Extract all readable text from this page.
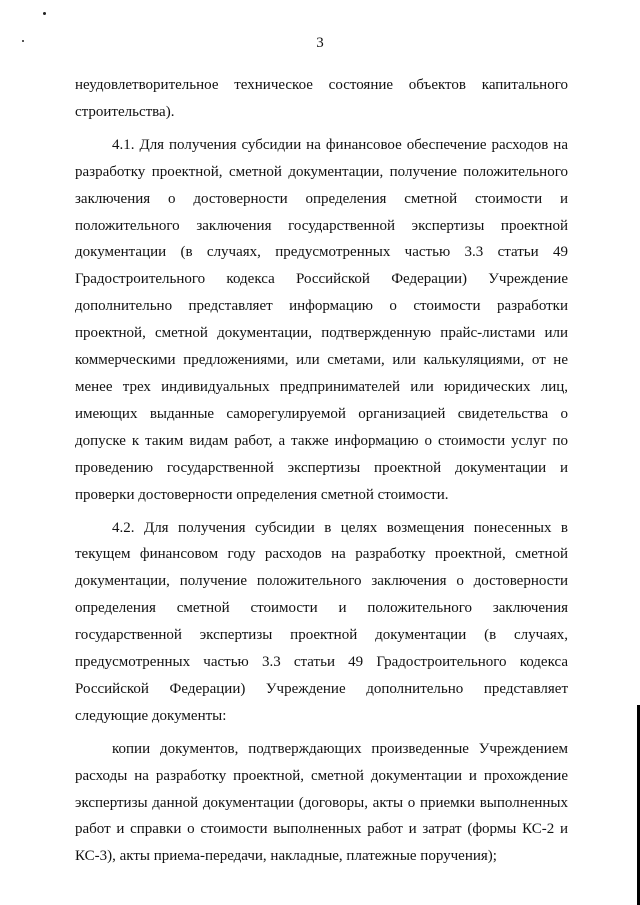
3

неудовлетворительное техническое состояние объектов капитального строительства).

4.1. Для получения субсидии на финансовое обеспечение расходов на разработку проектной, сметной документации, получение положительного заключения о достоверности определения сметной стоимости и положительного заключения государственной экспертизы проектной документации (в случаях, предусмотренных частью 3.3 статьи 49 Градостроительного кодекса Российской Федерации) Учреждение дополнительно представляет информацию о стоимости разработки проектной, сметной документации, подтвержденную прайс-листами или коммерческими предложениями, или сметами, или калькуляциями, от не менее трех индивидуальных предпринимателей или юридических лиц, имеющих выданные саморегулируемой организацией свидетельства о допуске к таким видам работ, а также информацию о стоимости услуг по проведению государственной экспертизы проектной документации и проверки достоверности определения сметной стоимости.

4.2. Для получения субсидии в целях возмещения понесенных в текущем финансовом году расходов на разработку проектной, сметной документации, получение положительного заключения о достоверности определения сметной стоимости и положительного заключения государственной экспертизы проектной документации (в случаях, предусмотренных частью 3.3 статьи 49 Градостроительного кодекса Российской Федерации) Учреждение дополнительно представляет следующие документы:

копии документов, подтверждающих произведенные Учреждением расходы на разработку проектной, сметной документации и прохождение экспертизы данной документации (договоры, акты о приемки выполненных работ и справки о стоимости выполненных работ и затрат (формы КС-2 и КС-3), акты приема-передачи, накладные, платежные поручения);
